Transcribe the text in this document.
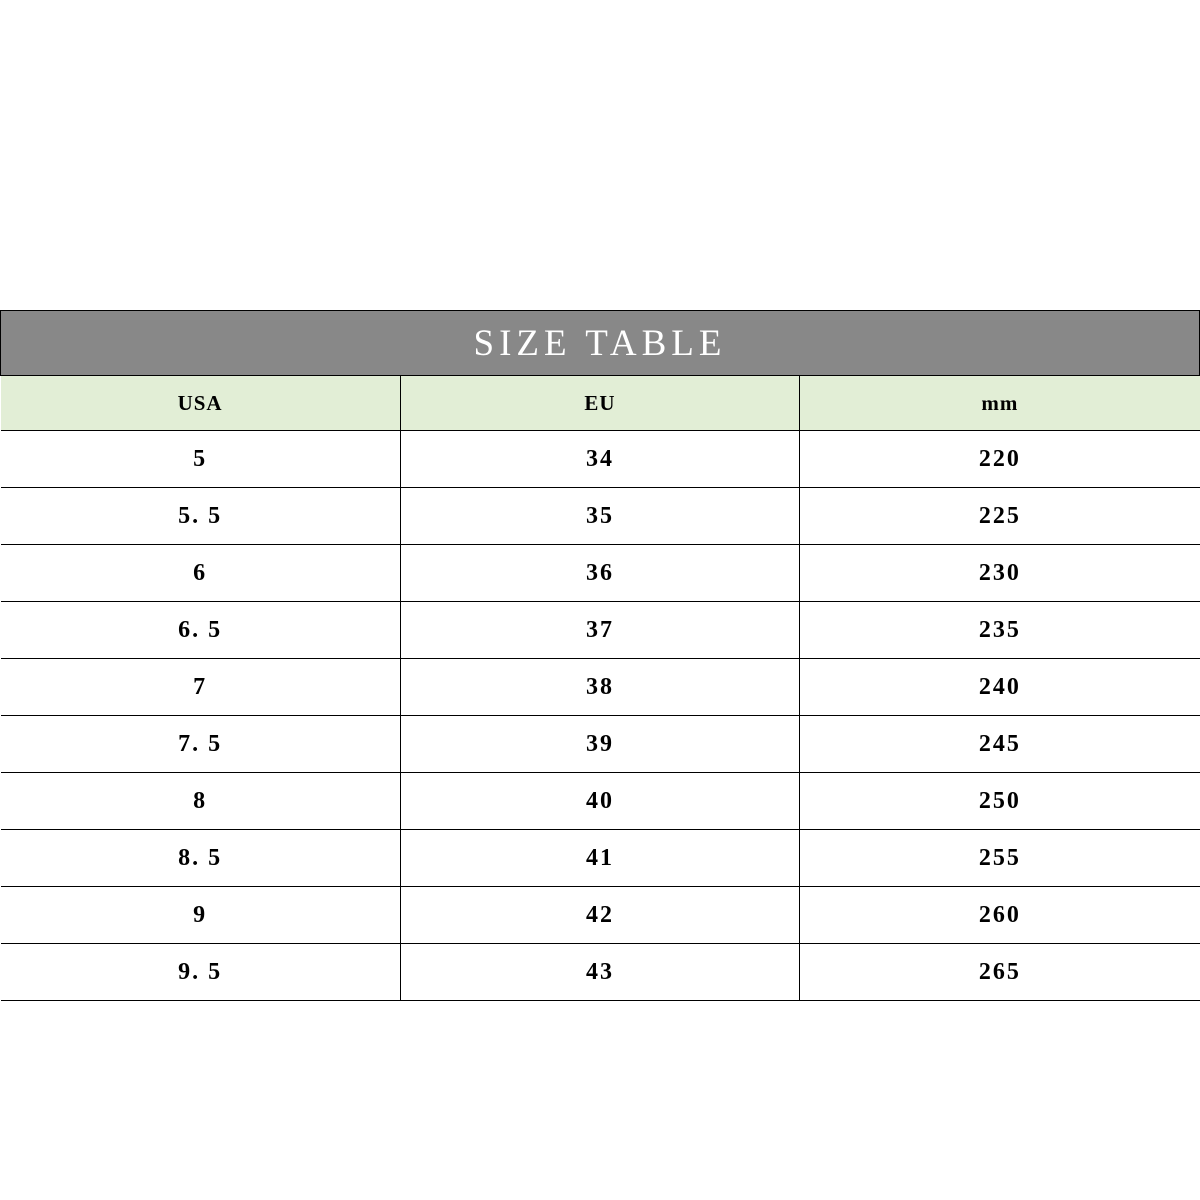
SIZE TABLE		
USA	EU	mm
5	34	220
5. 5	35	225
6	36	230
6. 5	37	235
7	38	240
7. 5	39	245
8	40	250
8. 5	41	255
9	42	260
9. 5	43	265
